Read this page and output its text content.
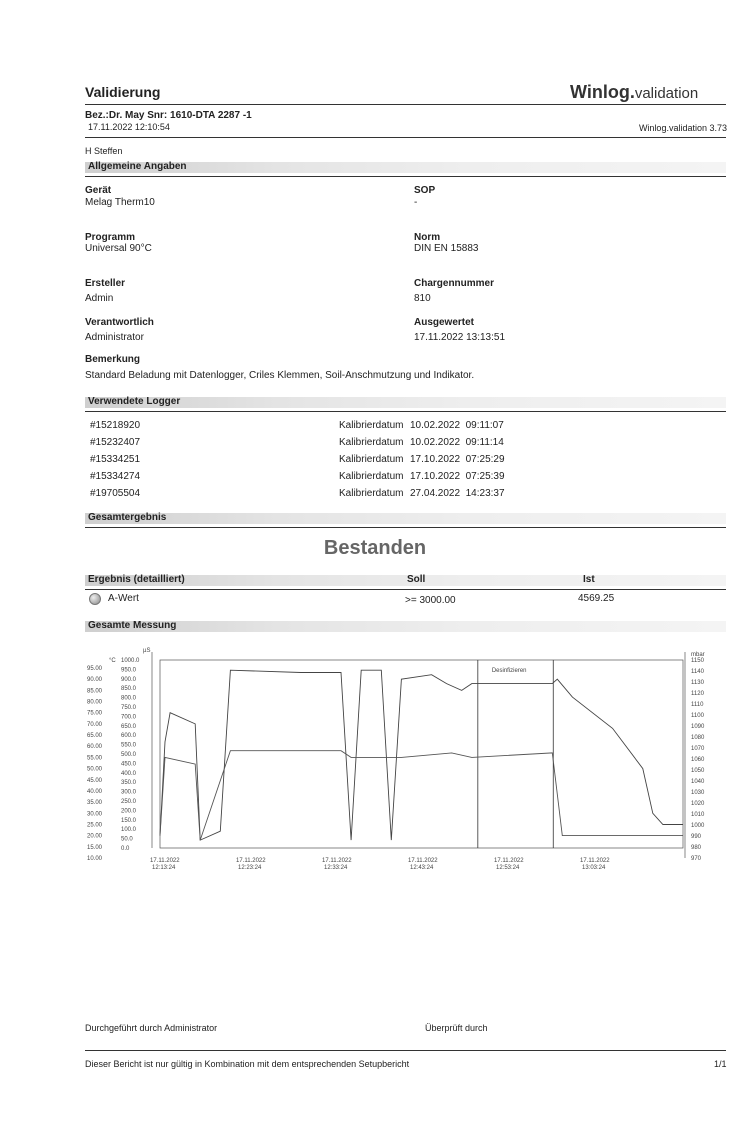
Validierung	Winlog.validation
Bez.:Dr. May Snr: 1610-DTA 2287 -1
17.11.2022 12:10:54	Winlog.validation 3.73
H Steffen
Allgemeine Angaben
Gerät
Melag Therm10
SOP
-
Programm
Universal 90°C
Norm
DIN EN 15883
Ersteller
Admin
Chargennummer
810
Verantwortlich
Administrator
Ausgewertet
17.11.2022 13:13:51
Bemerkung
Standard Beladung mit Datenlogger, Criles Klemmen, Soil-Anschmutzung und Indikator.
Verwendete Logger
#15218920	Kalibrierdatum 10.02.2022  09:11:07
#15232407	Kalibrierdatum 10.02.2022  09:11:14
#15334251	Kalibrierdatum 17.10.2022  07:25:29
#15334274	Kalibrierdatum 17.10.2022  07:25:39
#19705504	Kalibrierdatum 27.04.2022  14:23:37
Gesamtergebnis
Bestanden
Ergebnis (detailliert)	Soll	Ist
A-Wert	>= 3000.00	4569.25
Gesamte Messung
95.00
90.00
85.00
80.00
75.00
70.00
65.00
60.00
55.00
50.00
45.00
40.00
35.00
30.00
25.00
20.00
15.00
10.00
°C 1000.0
950.0
900.0
850.0
800.0
750.0
700.0
650.0
600.0
550.0
500.0
450.0
400.0
350.0
300.0
250.0
200.0
150.0
100.0
50.0
0.0
µS
1150
1140
1130
1120
1110
1100
1090
1080
1070
1060
1050
1040
1030
1020
1010
1000
990
980
970
mbar
17.11.2022
12:13:24
17.11.2022
12:23:24
17.11.2022
12:33:24
17.11.2022
12:43:24
17.11.2022
12:53:24
17.11.2022
13:03:24
Desinfizieren
Durchgeführt durch Administrator	Überprüft durch
Dieser Bericht ist nur gültig in Kombination mit dem entsprechenden Setupbericht	1/1
